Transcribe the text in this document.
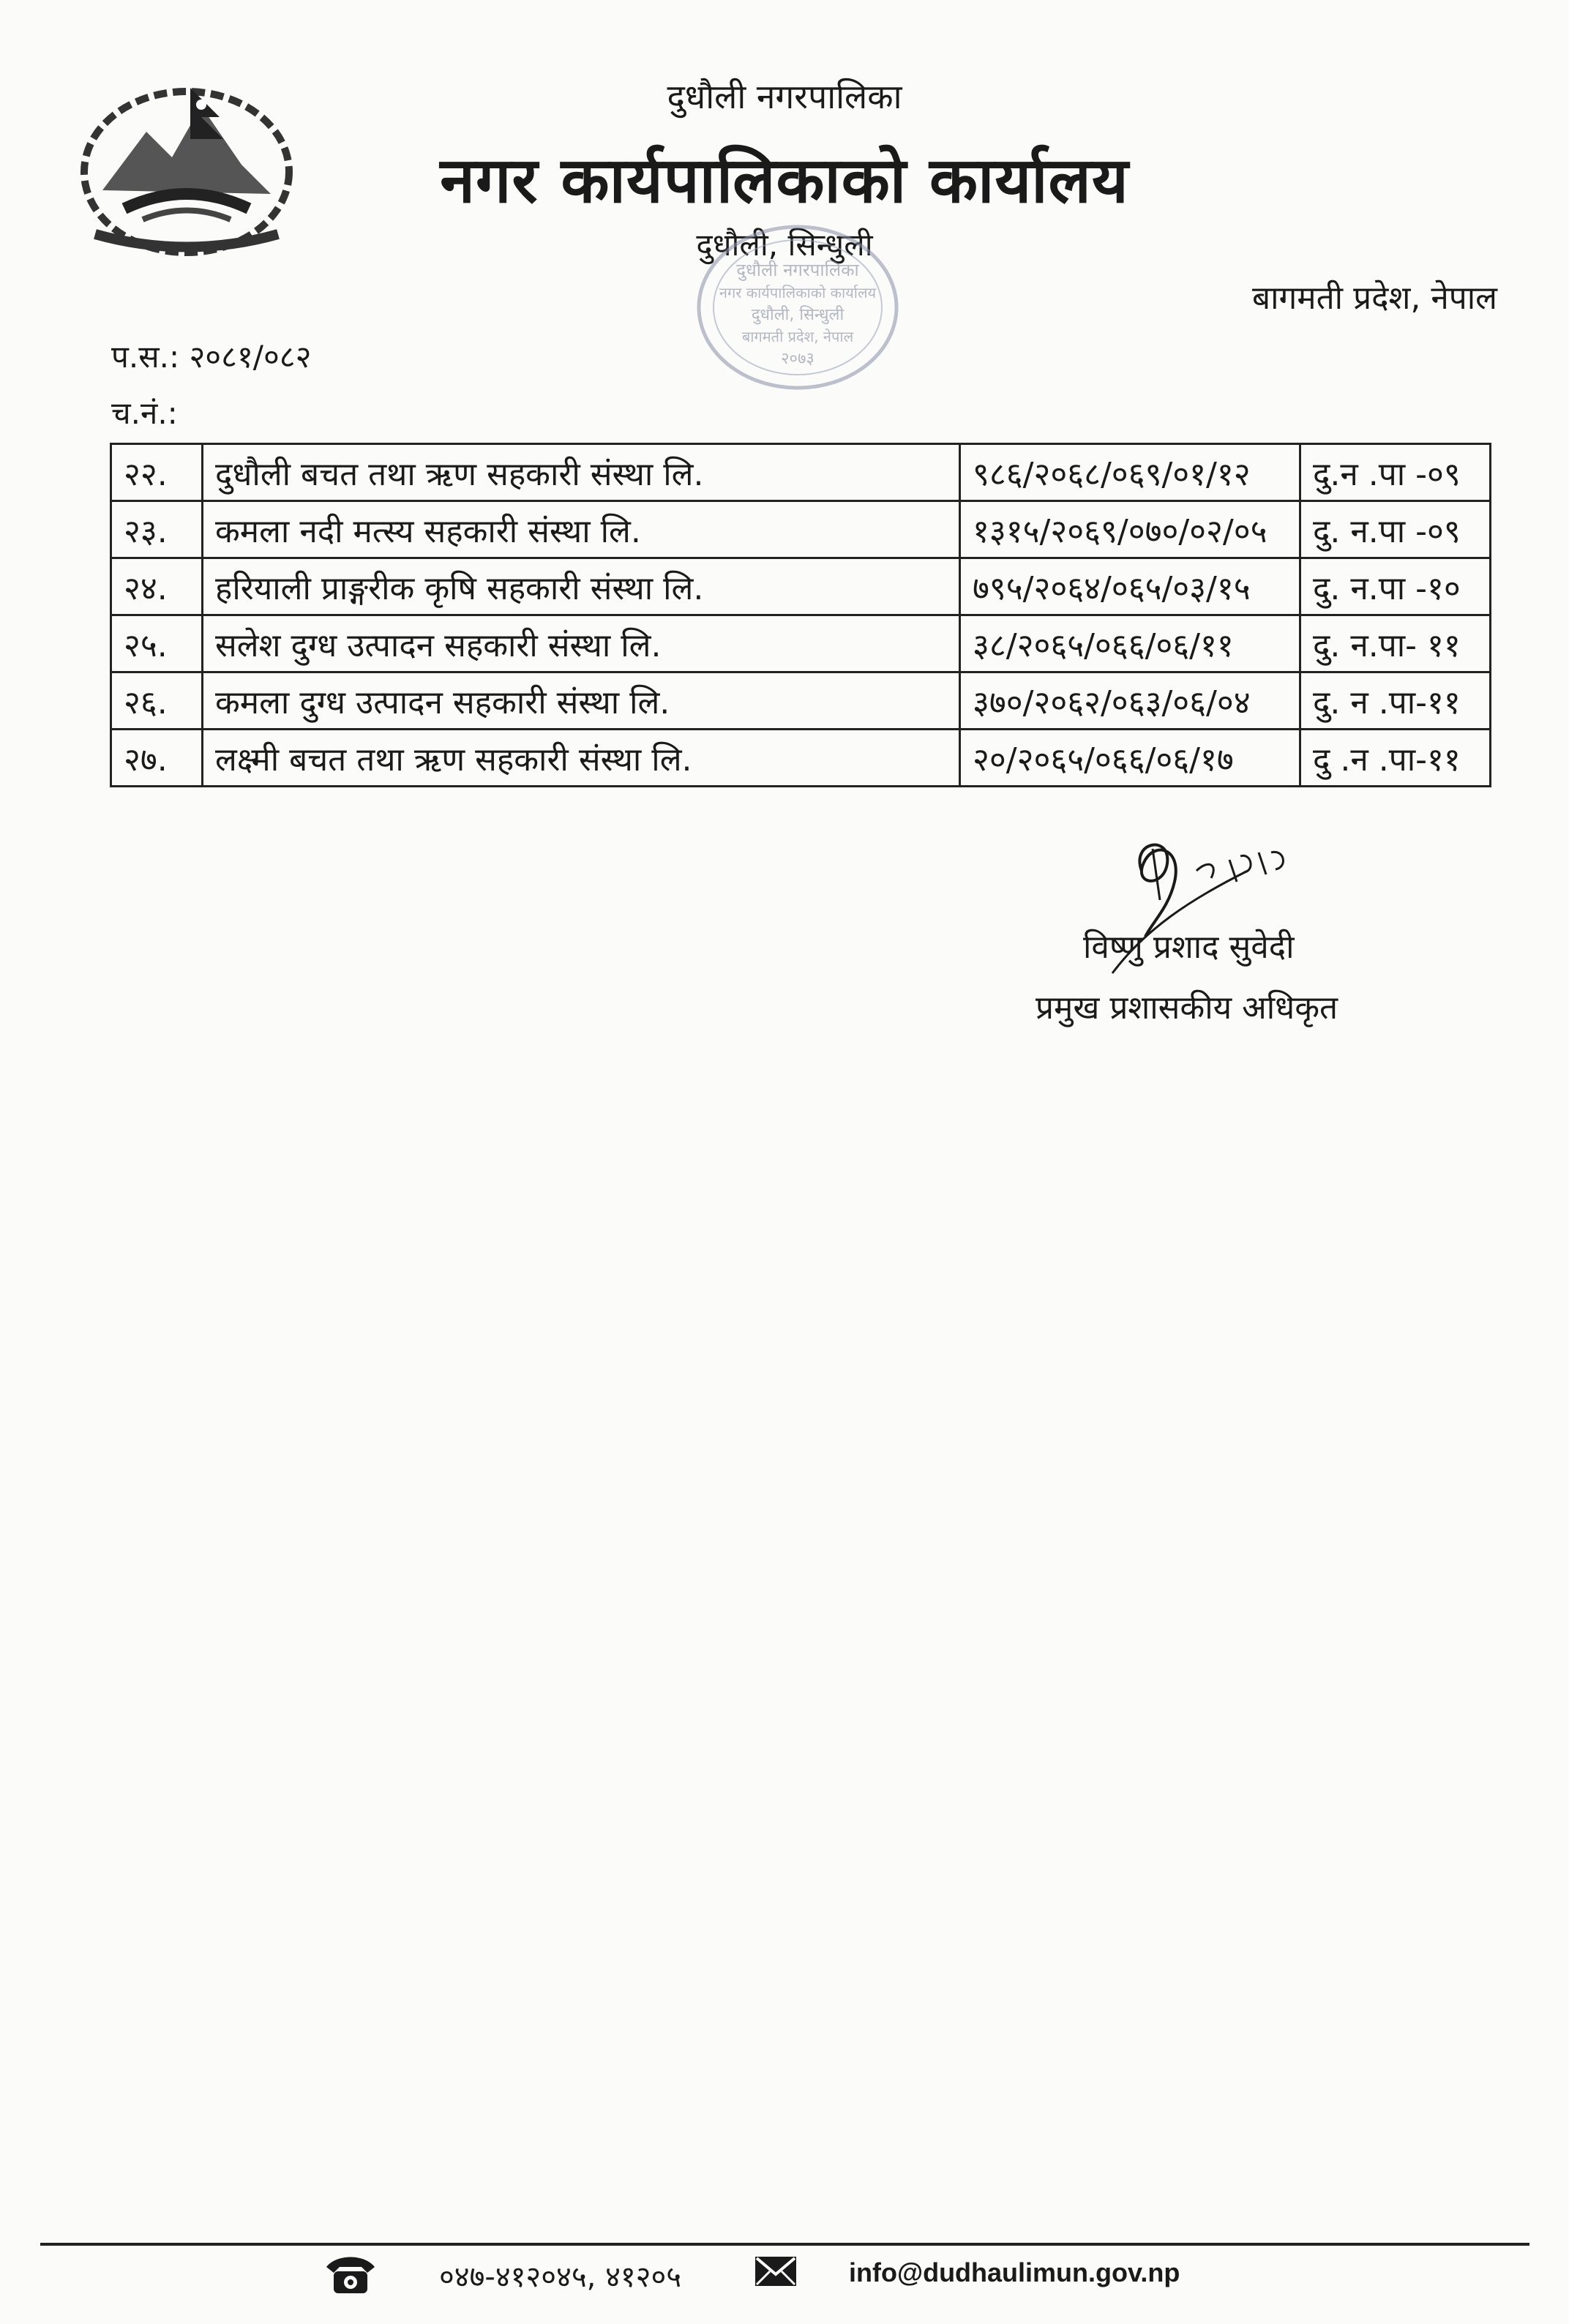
दुधौली नगरपालिका
नगर कार्यपालिकाको कार्यालय
दुधौली, सिन्धुली
बागमती प्रदेश, नेपाल
दुधौली नगरपालिका
नगर कार्यपालिकाको कार्यालय
दुधौली, सिन्धुली
बागमती प्रदेश, नेपाल
२०७३
प.स.: २०८१/०८२
च.नं.:
२२.	दुधौली बचत तथा ऋण सहकारी संस्था लि.	९८६/२०६८/०६९/०१/१२	दु.न .पा -०९
२३.	कमला नदी मत्स्य सहकारी संस्था लि.	१३१५/२०६९/०७०/०२/०५	दु. न.पा -०९
२४.	हरियाली प्राङ्गरीक कृषि सहकारी संस्था लि.	७९५/२०६४/०६५/०३/१५	दु. न.पा -१०
२५.	सलेश दुग्ध उत्पादन सहकारी संस्था लि.	३८/२०६५/०६६/०६/११	दु. न.पा- ११
२६.	कमला दुग्ध उत्पादन सहकारी संस्था लि.	३७०/२०६२/०६३/०६/०४	दु. न .पा-११
२७.	लक्ष्मी बचत तथा ऋण सहकारी संस्था लि.	२०/२०६५/०६६/०६/१७	दु .न .पा-११
विष्णु प्रशाद सुवेदी
प्रमुख प्रशासकीय अधिकृत
०४७-४१२०४५, ४१२०५	info@dudhaulimun.gov.np
